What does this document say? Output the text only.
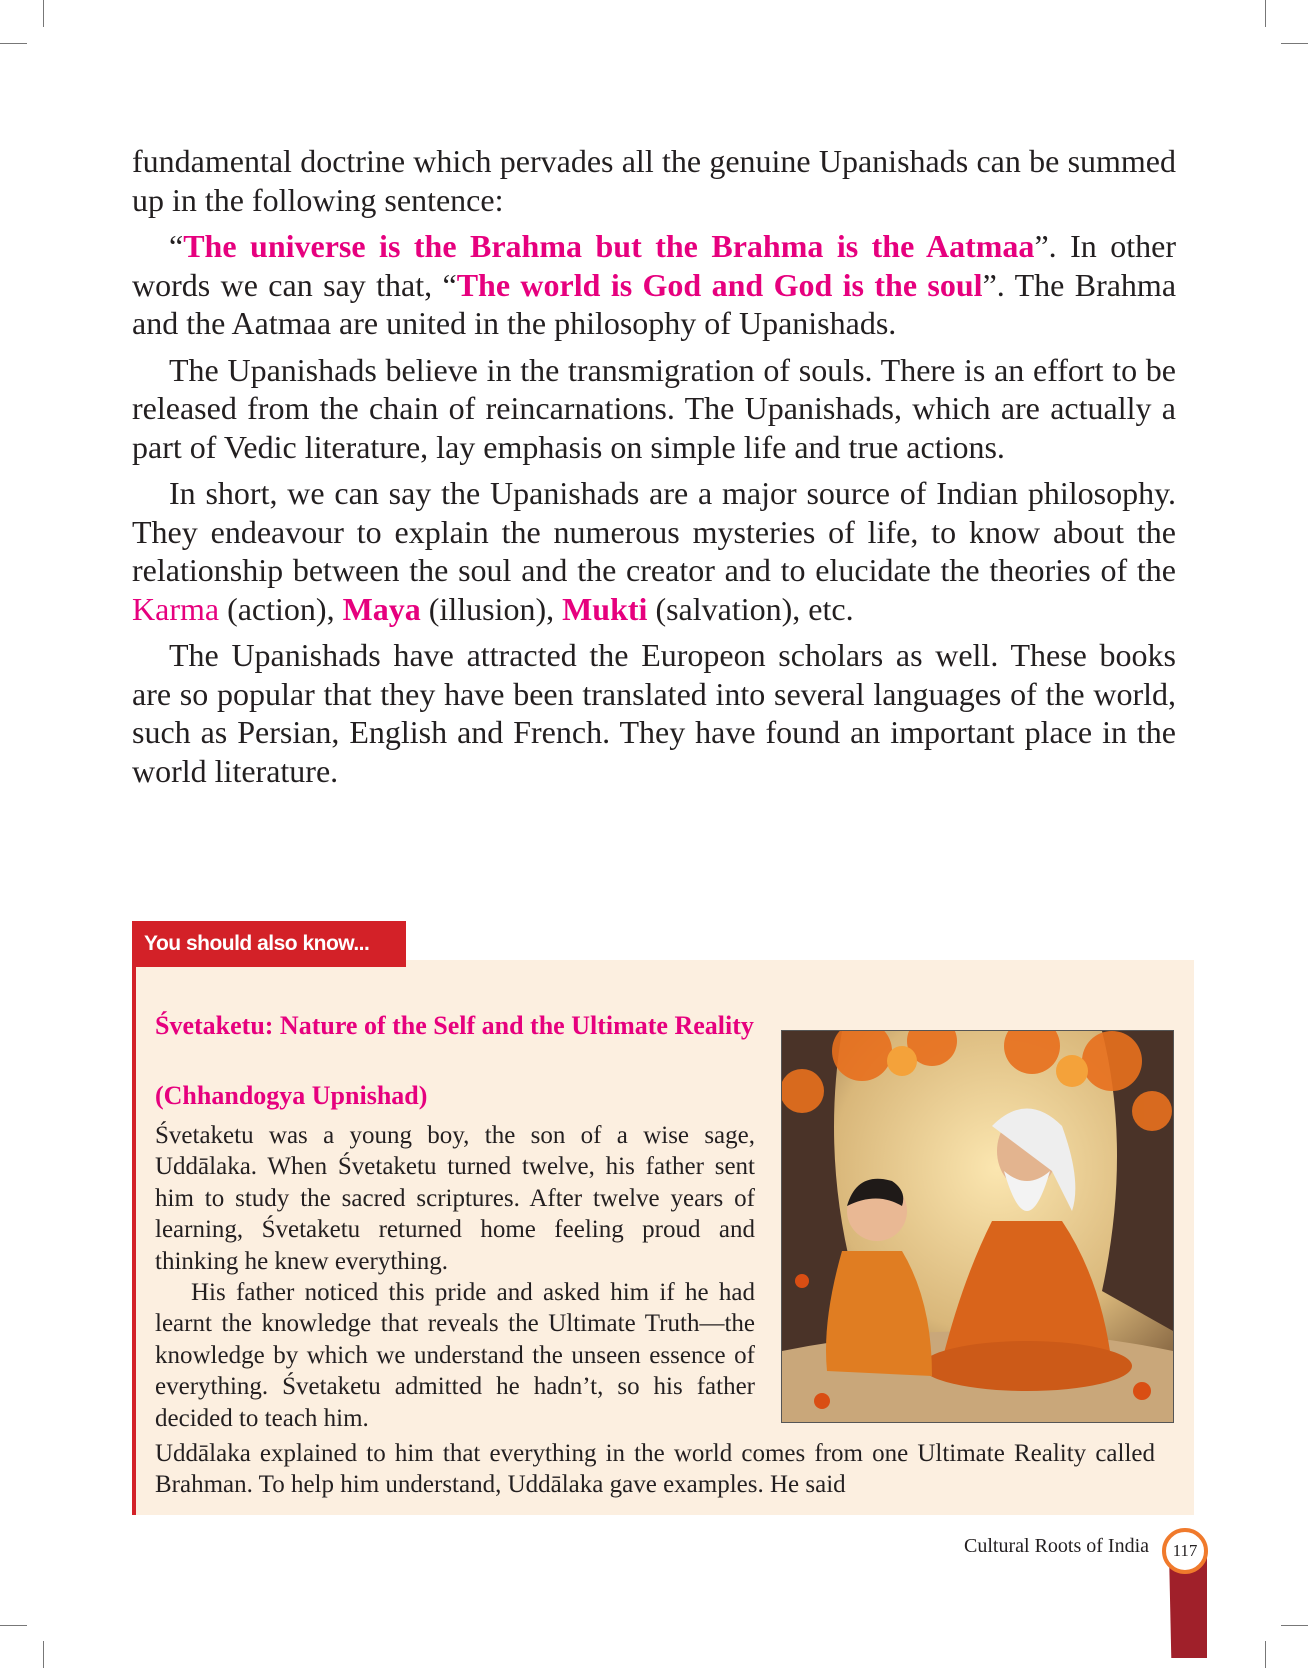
fundamental doctrine which pervades all the genuine Upanishads can be summed up in the following sentence:

“The universe is the Brahma but the Brahma is the Aatmaa”. In other words we can say that, “The world is God and God is the soul”. The Brahma and the Aatmaa are united in the philosophy of Upanishads.

The Upanishads believe in the transmigration of souls. There is an effort to be released from the chain of reincarnations. The Upanishads, which are actually a part of Vedic literature, lay emphasis on simple life and true actions.

In short, we can say the Upanishads are a major source of Indian philosophy. They endeavour to explain the numerous mysteries of life, to know about the relationship between the soul and the creator and to elucidate the theories of the Karma (action), Maya (illusion), Mukti (salvation), etc.

The Upanishads have attracted the Europeon scholars as well. These books are so popular that they have been translated into several languages of the world, such as Persian, English and French. They have found an important place in the world literature.

You should also know...
Śvetaketu: Nature of the Self and the Ultimate Reality
(Chhandogya Upnishad)

Śvetaketu was a young boy, the son of a wise sage, Uddālaka. When Śvetaketu turned twelve, his father sent him to study the sacred scriptures. After twelve years of learning, Śvetaketu returned home feeling proud and thinking he knew everything.

His father noticed this pride and asked him if he had learnt the knowledge that reveals the Ultimate Truth—the knowledge by which we understand the unseen essence of everything. Śvetaketu admitted he hadn’t, so his father decided to teach him.

Uddālaka explained to him that everything in the world comes from one Ultimate Reality called Brahman. To help him understand, Uddālaka gave examples. He said
Cultural Roots of India	117
